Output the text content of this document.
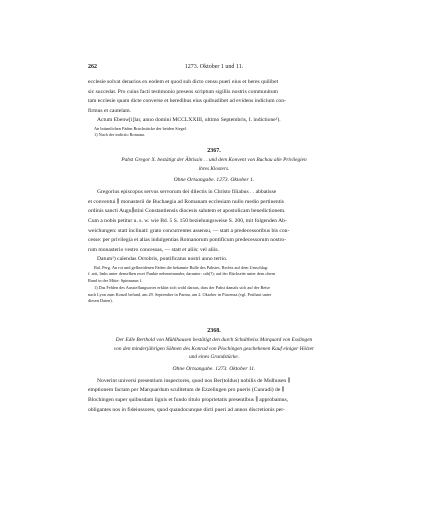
262	1273. Oktober 1 und 11.
ecclesie solvat denarios ex eodem et quod sub dicto censu pueri eius et heres quilibet
sic succedat. Pro cuius facti testimonio presens scriptum sigillis nostris communitum
tam ecclesie quam dicte converse et heredibus eius quibuslibet ad evidens indicium con-
firmus et cautelam.
Actum Ebenw[i]lar, anno domini MCCLXXIII, ultimo Septembris, I. indictione¹).
An brünnlichen Fäden Bruchstücke der beiden Siegel.
1) Nach der indictio Romana.
2367.
Pabst Gregor X. bestätigt der Äbtissin . . und dem Konvent von Buchau alle Privilegien
ihres Klosters.
Ohne Ortsangabe. 1273. Oktober 1.
Gregorius episcopus servus servorum dei dilectis in Christo filiabus . . abbatisse
et conventui ∥ monasterii de Buchaegia ad Romanam ecclesiam nullo medio pertinentis
ordinis sancti Augu∥stini Constantiensis diocesis salutem et apostolicam benedictionem.
Cum a nobis petitur u. s. w. wie Bd. 5 S. 150 beziehungsweise S. 200, mit folgenden Ab-
weichungen: statt inclinati: grato concurrentes assensu, — statt a predecessoribus bis con-
cesse: per privilegia et alias indulgentias Romanorum pontificum predecessorum nostro-
rum monasterio vestro concessas, — statt et aliis: vel aliis.
Datum¹) calendas Octobris, pontificatus nostri anno tertio.
Bal. Perg. An rot und gelbseidenen Fäden die bekannte Bulle des Pabstes. Rechts auf dem Umschlag:
f. arti, links unter denselben zwei Punkte nebeneinander, darunter: cah(?); auf der Rückseite unter dem obern
Rand in der Mitte: Spinnanus f.
1) Das Fehlen des Ausstellungsortes erklärt sich wohl daraus, dass der Pabst damals sich auf der Reise
nach Lyon zum Konzil befand, am 29. September in Parma, am 2. Oktober in Piacenza (vgl. Potthast unter
diesen Daten).
2368.
Der Edle Berthold von Mühlhausen bestätigt den durch Schultheiss Marquard von Esslingen
von den minderjährigen Söhnen des Konrad von Plochingen geschehenen Kauf einiger Hölzer
und eines Grundstücke.
Ohne Ortsangabe. 1273. Oktober 11.
Noverint universi presentium inspectores, quod nos Ber(toldus) nobilis de Mulhusen ∥
emptionem factam per Marquardum sculltetum de Ezzelingen pro pueris (Cunradi) de ∥
Blochingen super quibusdam lignis et fundo titulo proprietatis presentibus ∥ approbamus,
obligantes nos in fideiussores, quod quandocunque dicti pueri ad annos discretionis per-
